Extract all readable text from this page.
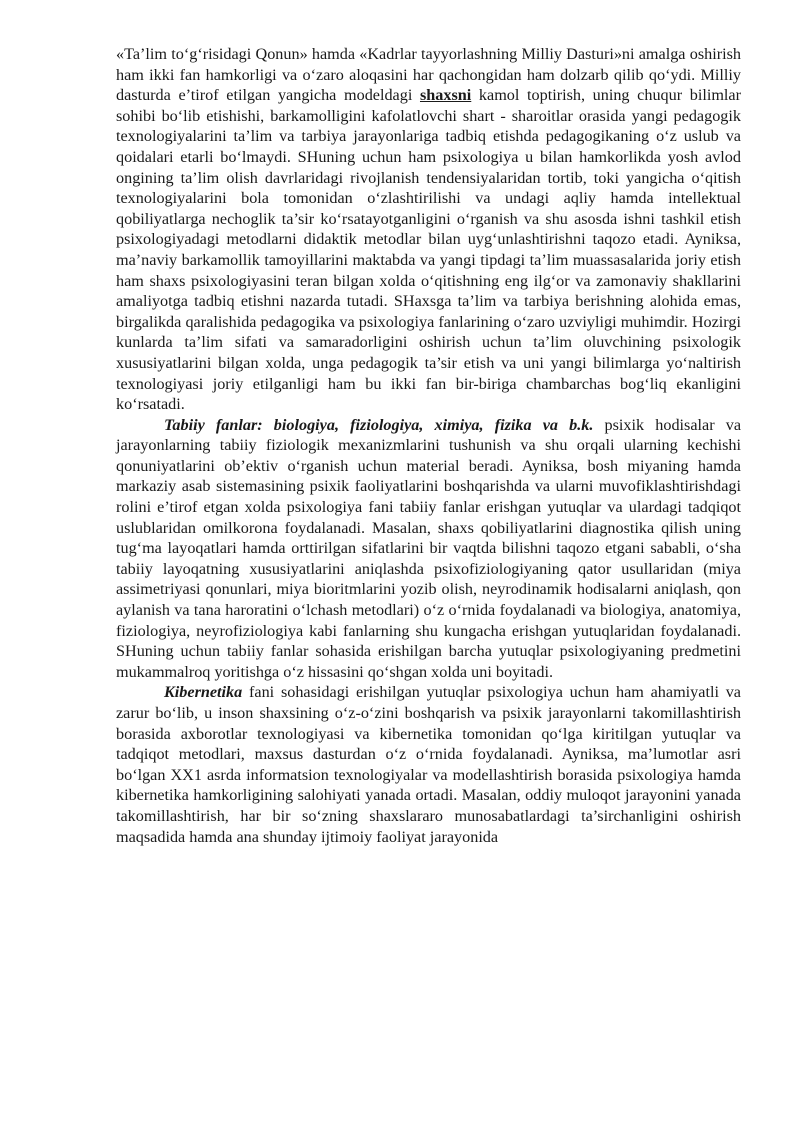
«Ta’lim to‘g‘risidagi Qonun» hamda «Kadrlar tayyorlashning Milliy Dasturi»ni amalga oshirish ham ikki fan hamkorligi va o‘zaro aloqasini har qachongidan ham dolzarb qilib qo‘ydi. Milliy dasturda e’tirof etilgan yangicha modeldagi shaxsni kamol toptirish, uning chuqur bilimlar sohibi bo‘lib etishishi, barkamolligini kafolatlovchi shart - sharoitlar orasida yangi pedagogik texnologiyalarini ta’lim va tarbiya jarayonlariga tadbiq etishda pedagogikaning o‘z uslub va qoidalari etarli bo‘lmaydi. SHuning uchun ham psixologiya u bilan hamkorlikda yosh avlod ongining ta’lim olish davrlaridagi rivojlanish tendensiyalaridan tortib, toki yangicha o‘qitish texnologiyalarini bola tomonidan o‘zlashtirilishi va undagi aqliy hamda intellektual qobiliyatlarga nechoglik ta’sir ko‘rsatayotganligini o‘rganish va shu asosda ishni tashkil etish psixologiyadagi metodlarni didaktik metodlar bilan uyg‘unlashtirishni taqozo etadi. Ayniksa, ma’naviy barkamollik tamoyillarini maktabda va yangi tipdagi ta’lim muassasalarida joriy etish ham shaxs psixologiyasini teran bilgan xolda o‘qitishning eng ilg‘or va zamonaviy shakllarini amaliyotga tadbiq etishni nazarda tutadi. SHaxsga ta’lim va tarbiya berishning alohida emas, birgalikda qaralishida pedagogika va psixologiya fanlarining o‘zaro uzviyligi muhimdir. Hozirgi kunlarda ta’lim sifati va samaradorligini oshirish uchun ta’lim oluvchining psixologik xususiyatlarini bilgan xolda, unga pedagogik ta’sir etish va uni yangi bilimlarga yo‘naltirish texnologiyasi joriy etilganligi ham bu ikki fan bir-biriga chambarchas bog‘liq ekanligini ko‘rsatadi.

Tabiiy fanlar: biologiya, fiziologiya, ximiya, fizika va b.k. psixik hodisalar va jarayonlarning tabiiy fiziologik mexanizmlarini tushunish va shu orqali ularning kechishi qonuniyatlarini ob’ektiv o‘rganish uchun material beradi. Ayniksa, bosh miyaning hamda markaziy asab sistemasining psixik faoliyatlarini boshqarishda va ularni muvofiklashtirishdagi rolini e’tirof etgan xolda psixologiya fani tabiiy fanlar erishgan yutuqlar va ulardagi tadqiqot uslublaridan omilkorona foydalanadi. Masalan, shaxs qobiliyatlarini diagnostika qilish uning tug‘ma layoqatlari hamda orttirilgan sifatlarini bir vaqtda bilishni taqozo etgani sababli, o‘sha tabiiy layoqatning xususiyatlarini aniqlashda psixofiziologiyaning qator usullaridan (miya assimetriyasi qonunlari, miya bioritmlarini yozib olish, neyrodinamik hodisalarni aniqlash, qon aylanish va tana haroratini o‘lchash metodlari) o‘z o‘rnida foydalanadi va biologiya, anatomiya, fiziologiya, neyrofiziologiya kabi fanlarning shu kungacha erishgan yutuqlaridan foydalanadi. SHuning uchun tabiiy fanlar sohasida erishilgan barcha yutuqlar psixologiyaning predmetini mukammalroq yoritishga o‘z hissasini qo‘shgan xolda uni boyitadi.

Kibernetika fani sohasidagi erishilgan yutuqlar psixologiya uchun ham ahamiyatli va zarur bo‘lib, u inson shaxsining o‘z-o‘zini boshqarish va psixik jarayonlarni takomillashtirish borasida axborotlar texnologiyasi va kibernetika tomonidan qo‘lga kiritilgan yutuqlar va tadqiqot metodlari, maxsus dasturdan o‘z o‘rnida foydalanadi. Ayniksa, ma’lumotlar asri bo‘lgan XX1 asrda informatsion texnologiyalar va modellashtirish borasida psixologiya hamda kibernetika hamkorligining salohiyati yanada ortadi. Masalan, oddiy muloqot jarayonini yanada takomillashtirish, har bir so‘zning shaxslararo munosabatlardagi ta’sirchanligini oshirish maqsadida hamda ana shunday ijtimoiy faoliyat jarayonida
